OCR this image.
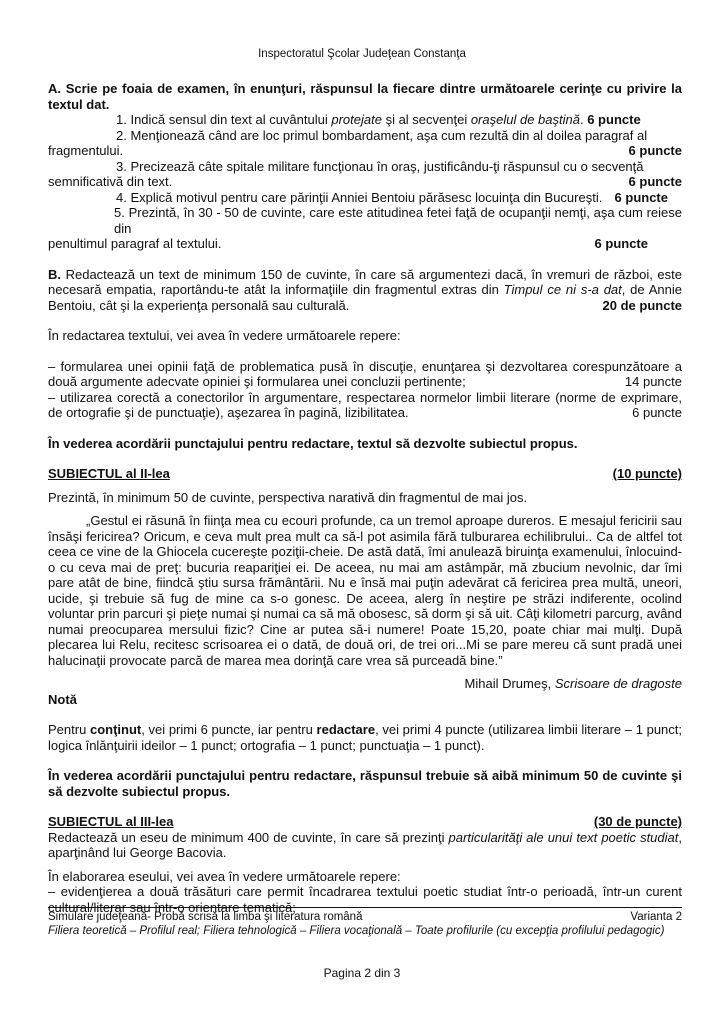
Inspectoratul Şcolar Judeţean Constanţa

A. Scrie pe foaia de examen, în enunţuri, răspunsul la fiecare dintre următoarele cerinţe cu privire la textul dat.

1. Indică sensul din text al cuvântului protejate şi al secvenţei oraşelul de baştină. 6 puncte
2. Menţionează când are loc primul bombardament, aşa cum rezultă din al doilea paragraf al
fragmentului.	6 puncte
3. Precizează câte spitale militare funcţionau în oraş, justificându-ţi răspunsul cu o secvenţă
semnificativă din text.	6 puncte
4. Explică motivul pentru care părinţii Anniei Bentoiu părăsesc locuinţa din Bucureşti. 6 puncte
5. Prezintă, în 30 - 50 de cuvinte, care este atitudinea fetei faţă de ocupanţii nemţi, aşa cum reiese din
penultimul paragraf al textului.	6 puncte

B. Redactează un text de minimum 150 de cuvinte, în care să argumentezi dacă, în vremuri de război, este necesară empatia, raportându-te atât la informaţiile din fragmentul extras din Timpul ce ni s-a dat, de Annie Bentoiu, cât şi la experienţa personală sau culturală.	20 de puncte

În redactarea textului, vei avea în vedere următoarele repere:

– formularea unei opinii faţă de problematica pusă în discuţie, enunţarea şi dezvoltarea corespunzătoare a două argumente adecvate opiniei şi formularea unei concluzii pertinente;	14 puncte

– utilizarea corectă a conectorilor în argumentare, respectarea normelor limbii literare (norme de exprimare, de ortografie şi de punctuaţie), aşezarea în pagină, lizibilitatea.	6 puncte

În vederea acordării punctajului pentru redactare, textul să dezvolte subiectul propus.

SUBIECTUL al II-lea	(10 puncte)

Prezintă, în minimum 50 de cuvinte, perspectiva narativă din fragmentul de mai jos.

„Gestul ei răsună în fiinţa mea cu ecouri profunde, ca un tremol aproape dureros. E mesajul fericirii sau însăşi fericirea? Oricum, e ceva mult prea mult ca să-l pot asimila fără tulburarea echilibrului.. Ca de altfel tot ceea ce vine de la Ghiocela cucereşte poziţii-cheie. De astă dată, îmi anulează biruinţa examenului, înlocuind-o cu ceva mai de preţ: bucuria reapariţiei ei. De aceea, nu mai am astâmpăr, mă zbucium nevolnic, dar îmi pare atât de bine, fiindcă ştiu sursa frământării. Nu e însă mai puţin adevărat că fericirea prea multă, uneori, ucide, şi trebuie să fug de mine ca s-o gonesc. De aceea, alerg în neştire pe străzi indiferente, ocolind voluntar prin parcuri şi pieţe numai şi numai ca să mă obosesc, să dorm şi să uit. Câţi kilometri parcurg, având numai preocuparea mersului fizic? Cine ar putea să-i numere! Poate 15,20, poate chiar mai mulţi. După plecarea lui Relu, recitesc scrisoarea ei o dată, de două ori, de trei ori...Mi se pare mereu că sunt pradă unei halucinaţii provocate parcă de marea mea dorinţă care vrea să purceadă bine.”

Mihail Drumeş, Scrisoare de dragoste

Notă

Pentru conţinut, vei primi 6 puncte, iar pentru redactare, vei primi 4 puncte (utilizarea limbii literare – 1 punct; logica înlănţuirii ideilor – 1 punct; ortografia – 1 punct; punctuaţia – 1 punct).

În vederea acordării punctajului pentru redactare, răspunsul trebuie să aibă minimum 50 de cuvinte şi să dezvolte subiectul propus.

SUBIECTUL al III-lea	(30 de puncte)

Redactează un eseu de minimum 400 de cuvinte, în care să prezinţi particularităţi ale unui text poetic studiat, aparţinând lui George Bacovia.

În elaborarea eseului, vei avea în vedere următoarele repere:

– evidenţierea a două trăsături care permit încadrarea textului poetic studiat într-o perioadă, într-un curent cultural/literar sau într-o orientare tematică;

Simulare judeţeană- Probă scrisă la limba şi literatura română	Varianta 2
Filiera teoretică – Profilul real; Filiera tehnologică – Filiera vocaţională – Toate profilurile (cu excepţia profilului pedagogic)
Pagina 2 din 3
